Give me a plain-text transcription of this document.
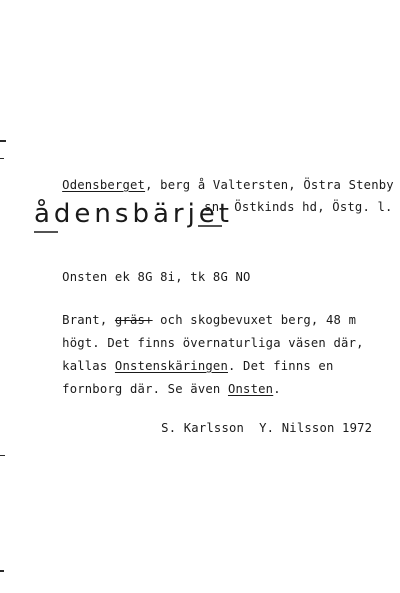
Odensberget, berg å Valtersten, Östra Stenby

sn, Östkinds hd, Östg. l.

ådensbärjet

Onsten ek 8G 8i, tk 8G NO

Brant, gräs+ och skogbevuxet berg, 48 m

högt. Det finns övernaturliga väsen där,

kallas Onstenskäringen. Det finns en

fornborg där. Se även Onsten.

S. Karlsson  Y. Nilsson 1972
